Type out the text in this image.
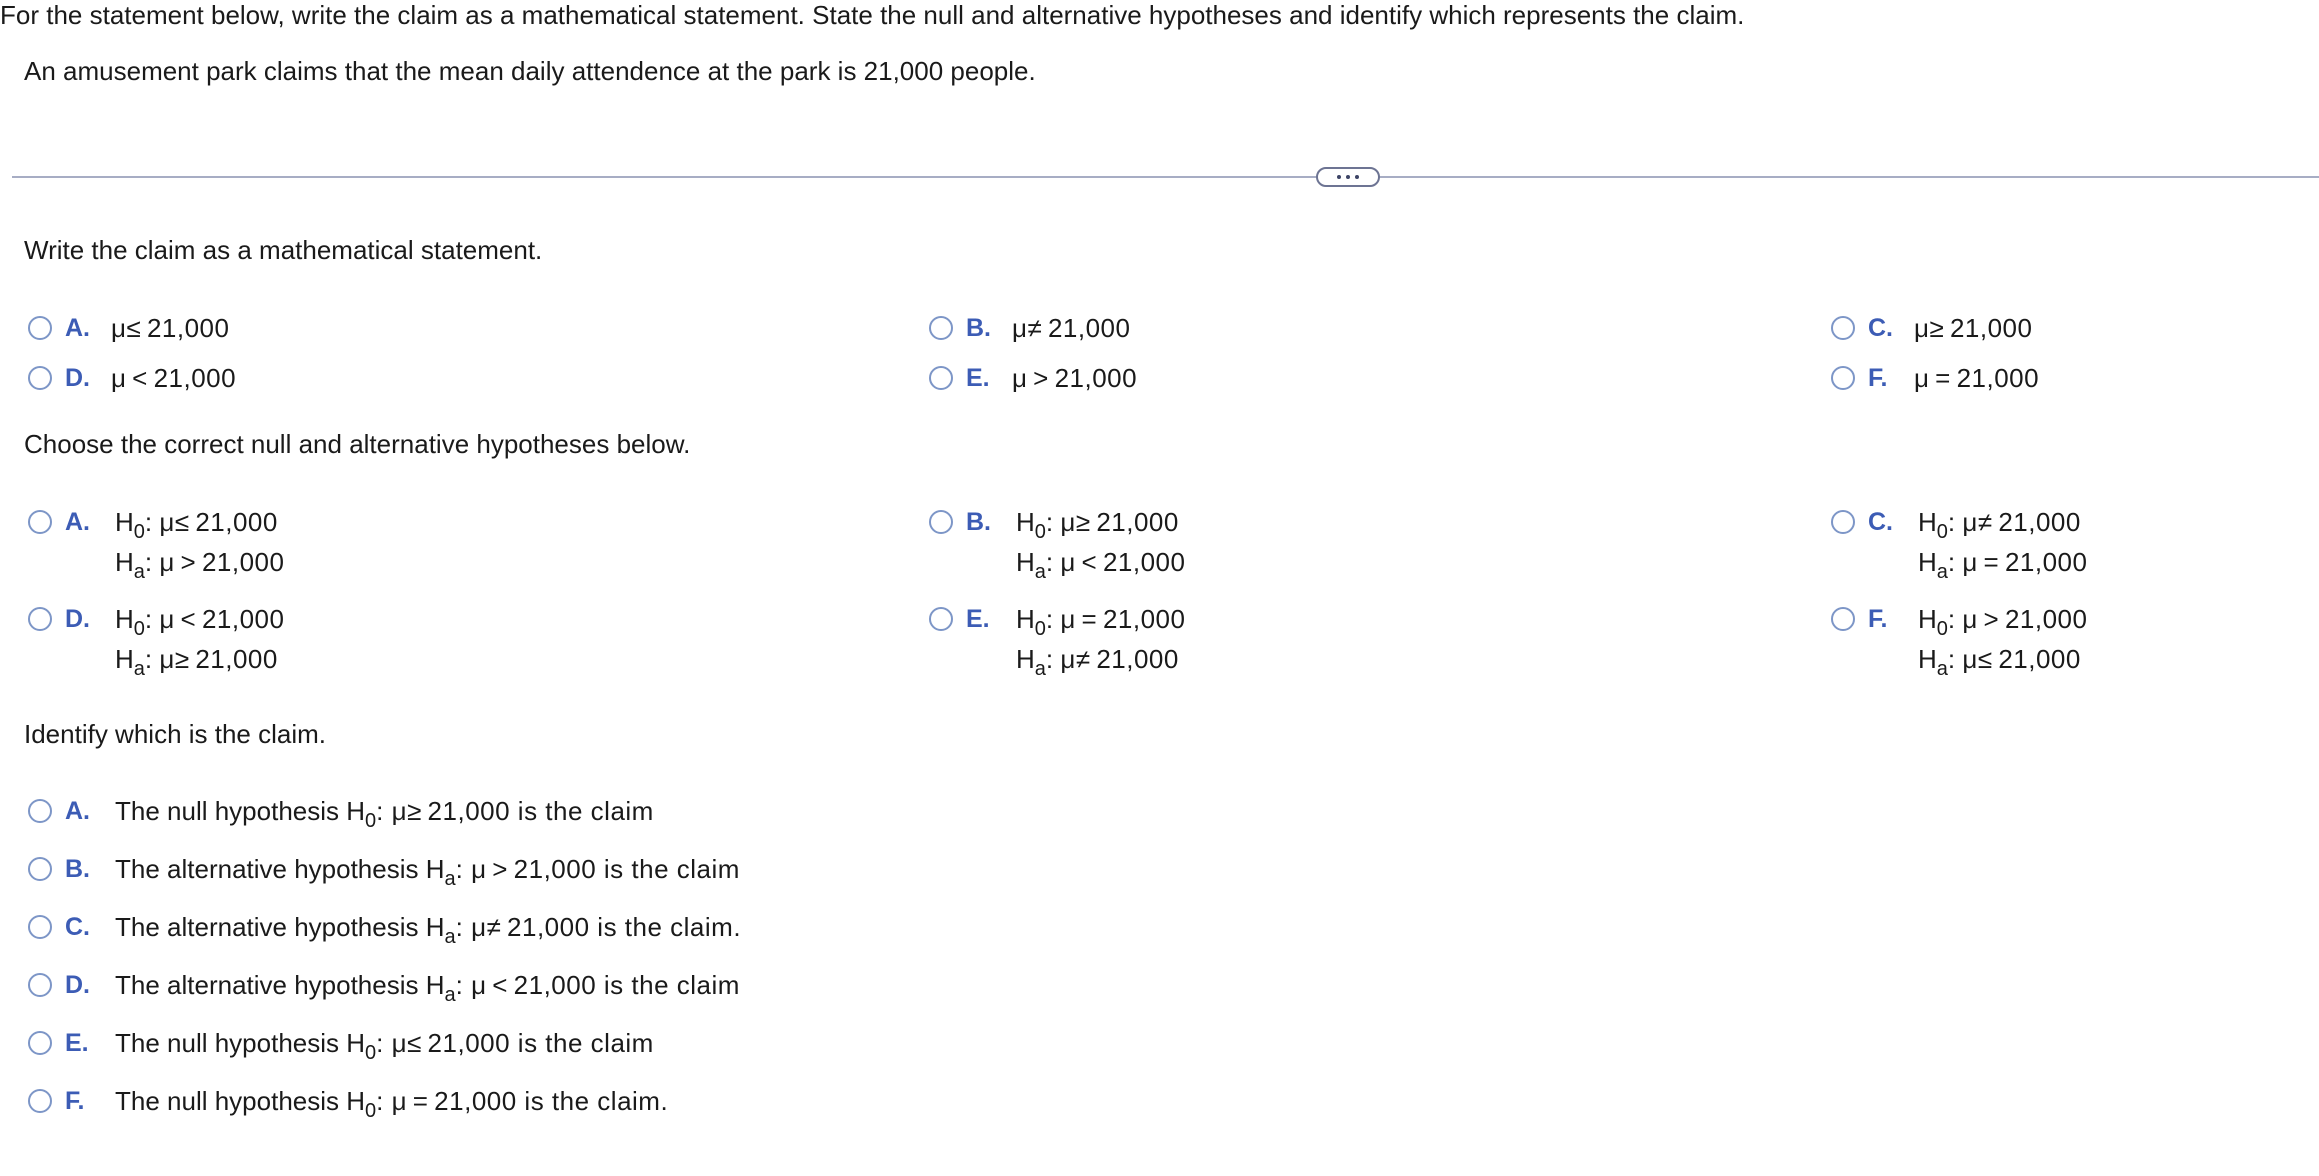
For the statement below, write the claim as a mathematical statement. State the null and alternative hypotheses and identify which represents the claim.
An amusement park claims that the mean daily attendence at the park is 21,000 people.
Write the claim as a mathematical statement.
A. μ≤ 21,000	B. μ≠ 21,000	C. μ≥ 21,000
D. μ < 21,000	E. μ > 21,000	F. μ = 21,000
Choose the correct null and alternative hypotheses below.
A. $H_0$: μ≤ 21,000
$H_a$: μ > 21,000
B. $H_0$: μ≥ 21,000
$H_a$: μ < 21,000
C. $H_0$: μ≠ 21,000
$H_a$: μ = 21,000
D. $H_0$: μ < 21,000
$H_a$: μ≥ 21,000
E. $H_0$: μ = 21,000
$H_a$: μ≠ 21,000
F. $H_0$: μ > 21,000
$H_a$: μ≤ 21,000
Identify which is the claim.
A. The null hypothesis $H_0$: μ≥ 21,000 is the claim
B. The alternative hypothesis $H_a$: μ > 21,000 is the claim
C. The alternative hypothesis $H_a$: μ≠ 21,000 is the claim.
D. The alternative hypothesis $H_a$: μ < 21,000 is the claim
E. The null hypothesis $H_0$: μ≤ 21,000 is the claim
F. The null hypothesis $H_0$: μ = 21,000 is the claim.
